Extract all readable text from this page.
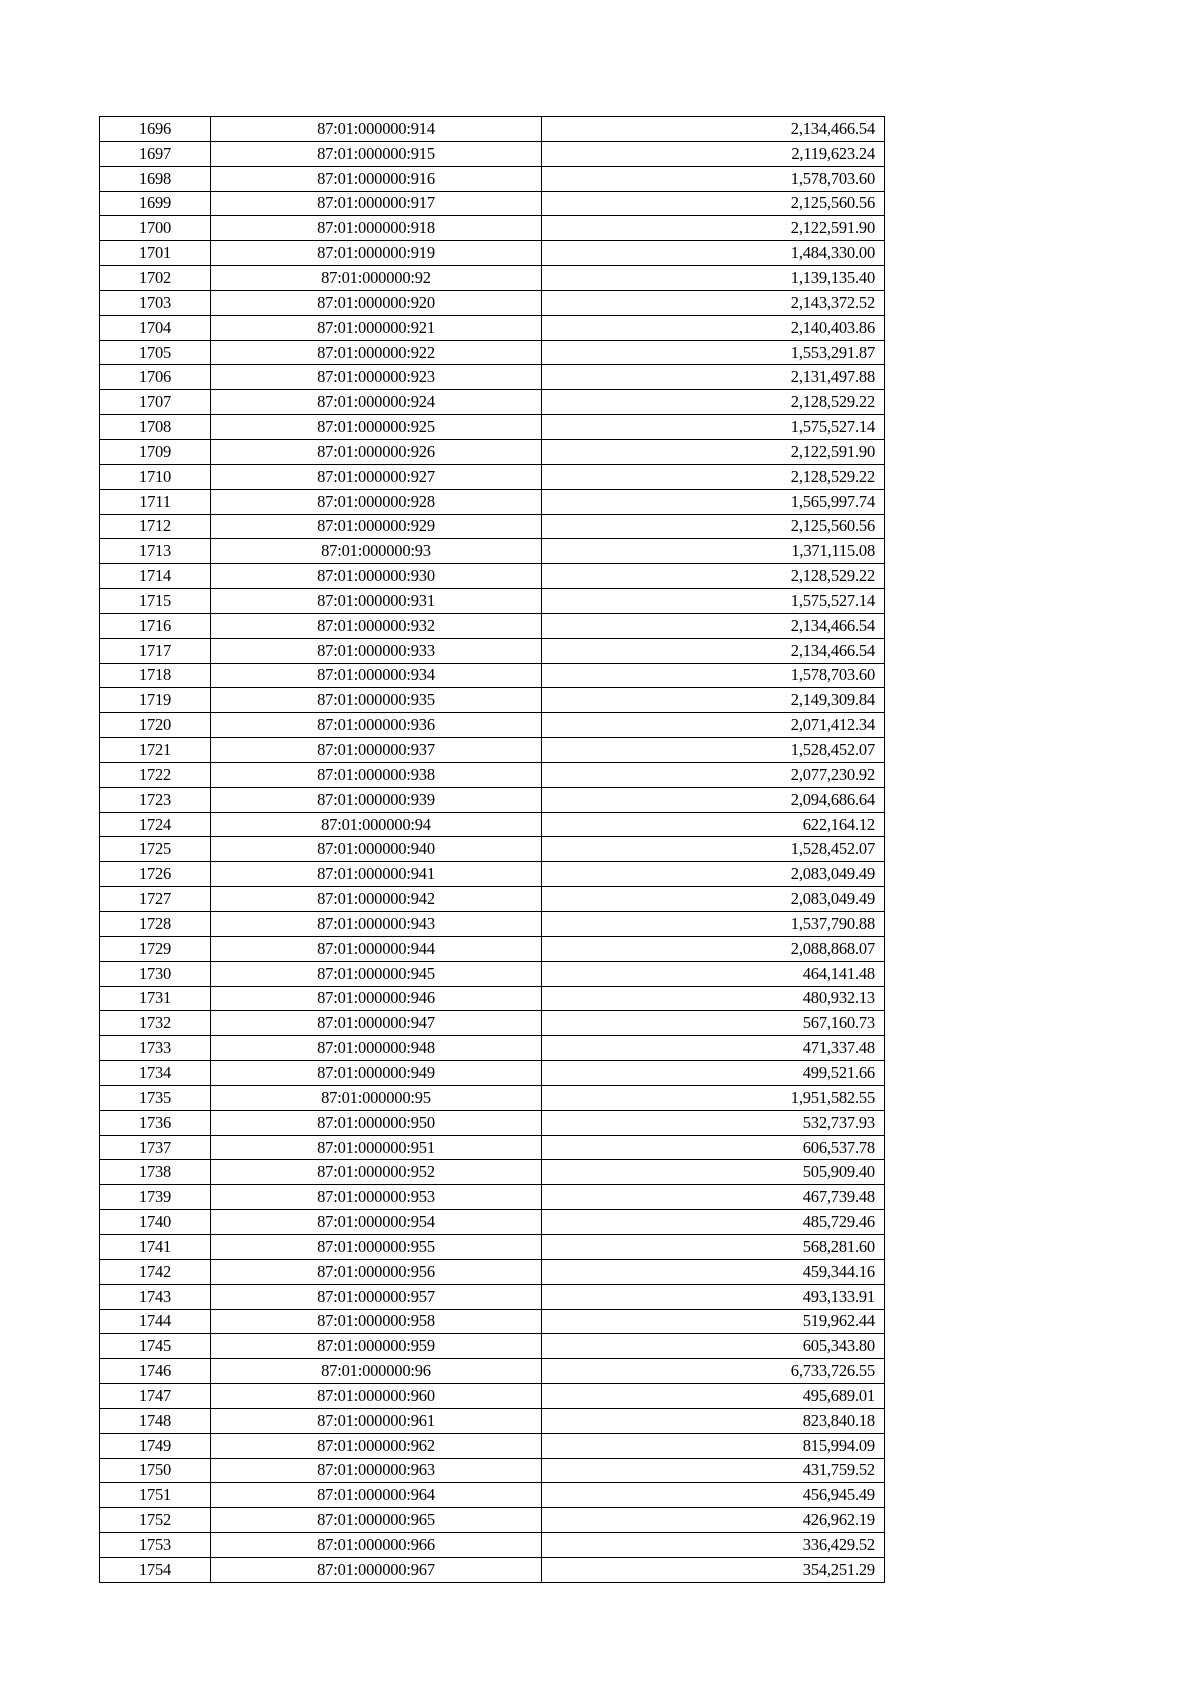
1696	87:01:000000:914	2,134,466.54
1697	87:01:000000:915	2,119,623.24
1698	87:01:000000:916	1,578,703.60
1699	87:01:000000:917	2,125,560.56
1700	87:01:000000:918	2,122,591.90
1701	87:01:000000:919	1,484,330.00
1702	87:01:000000:92	1,139,135.40
1703	87:01:000000:920	2,143,372.52
1704	87:01:000000:921	2,140,403.86
1705	87:01:000000:922	1,553,291.87
1706	87:01:000000:923	2,131,497.88
1707	87:01:000000:924	2,128,529.22
1708	87:01:000000:925	1,575,527.14
1709	87:01:000000:926	2,122,591.90
1710	87:01:000000:927	2,128,529.22
1711	87:01:000000:928	1,565,997.74
1712	87:01:000000:929	2,125,560.56
1713	87:01:000000:93	1,371,115.08
1714	87:01:000000:930	2,128,529.22
1715	87:01:000000:931	1,575,527.14
1716	87:01:000000:932	2,134,466.54
1717	87:01:000000:933	2,134,466.54
1718	87:01:000000:934	1,578,703.60
1719	87:01:000000:935	2,149,309.84
1720	87:01:000000:936	2,071,412.34
1721	87:01:000000:937	1,528,452.07
1722	87:01:000000:938	2,077,230.92
1723	87:01:000000:939	2,094,686.64
1724	87:01:000000:94	622,164.12
1725	87:01:000000:940	1,528,452.07
1726	87:01:000000:941	2,083,049.49
1727	87:01:000000:942	2,083,049.49
1728	87:01:000000:943	1,537,790.88
1729	87:01:000000:944	2,088,868.07
1730	87:01:000000:945	464,141.48
1731	87:01:000000:946	480,932.13
1732	87:01:000000:947	567,160.73
1733	87:01:000000:948	471,337.48
1734	87:01:000000:949	499,521.66
1735	87:01:000000:95	1,951,582.55
1736	87:01:000000:950	532,737.93
1737	87:01:000000:951	606,537.78
1738	87:01:000000:952	505,909.40
1739	87:01:000000:953	467,739.48
1740	87:01:000000:954	485,729.46
1741	87:01:000000:955	568,281.60
1742	87:01:000000:956	459,344.16
1743	87:01:000000:957	493,133.91
1744	87:01:000000:958	519,962.44
1745	87:01:000000:959	605,343.80
1746	87:01:000000:96	6,733,726.55
1747	87:01:000000:960	495,689.01
1748	87:01:000000:961	823,840.18
1749	87:01:000000:962	815,994.09
1750	87:01:000000:963	431,759.52
1751	87:01:000000:964	456,945.49
1752	87:01:000000:965	426,962.19
1753	87:01:000000:966	336,429.52
1754	87:01:000000:967	354,251.29
